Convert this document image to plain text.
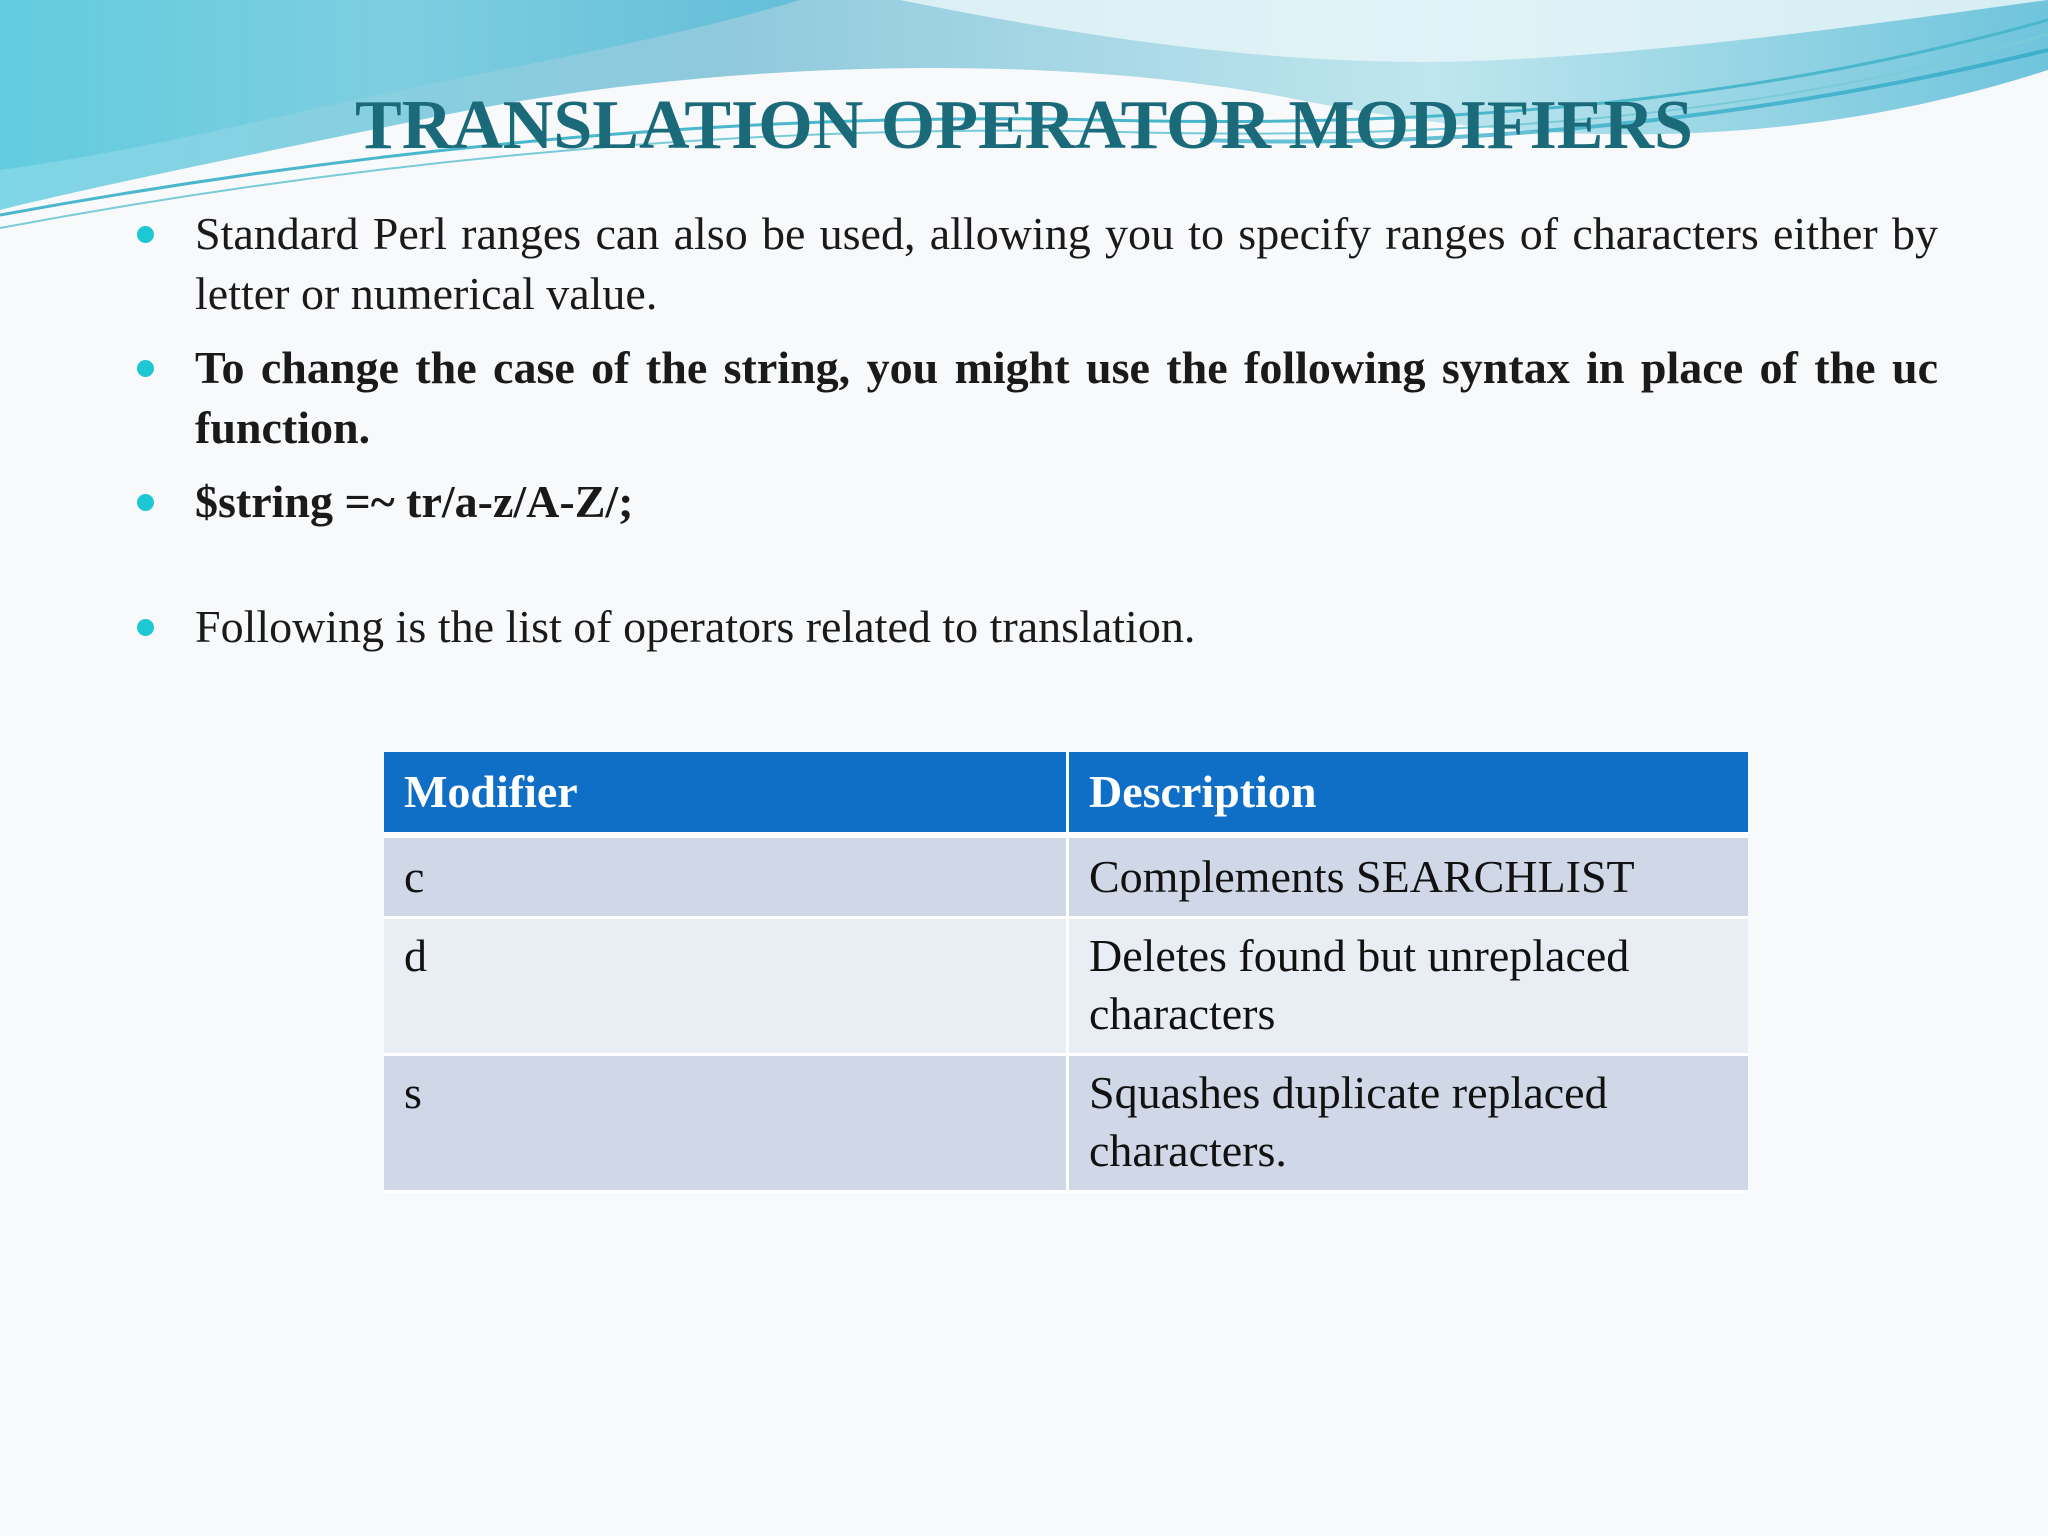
TRANSLATION OPERATOR MODIFIERS
Standard Perl ranges can also be used, allowing you to specify ranges of characters either by letter or numerical value.
To change the case of the string, you might use the following syntax in place of the uc function.
$string =~ tr/a-z/A-Z/;
Following is the list of operators related to translation.
Modifier	Description
c	Complements SEARCHLIST
d	Deletes found but unreplaced characters
s	Squashes duplicate replaced characters.
